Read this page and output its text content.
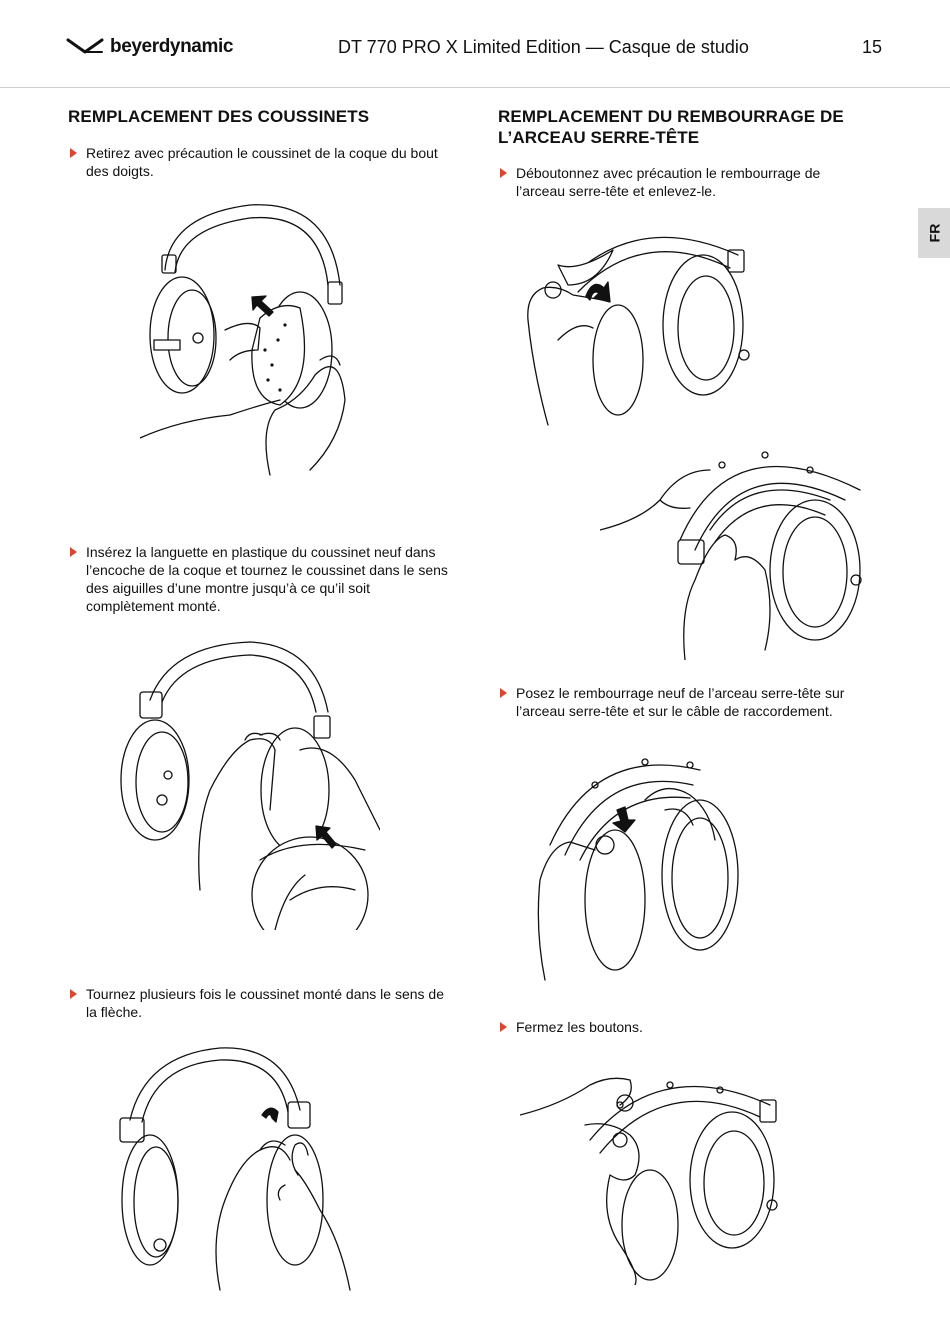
beyerdynamic	DT 770 PRO X Limited Edition — Casque de studio	15
FR
REMPLACEMENT DES COUSSINETS
Retirez avec précaution le coussinet de la coque du bout des doigts.
Insérez la languette en plastique du coussinet neuf dans l’encoche de la coque et tournez le coussinet dans le sens des aiguilles d’une montre jusqu’à ce qu’il soit complètement monté.
Tournez plusieurs fois le coussinet monté dans le sens de la flèche.
REMPLACEMENT DU REMBOURRAGE DE
L’ARCEAU SERRE-TÊTE
Déboutonnez avec précaution le rembourrage de l’arceau serre-tête et enlevez-le.
Posez le rembourrage neuf de l’arceau serre-tête sur l’arceau serre-tête et sur le câble de raccordement.
Fermez les boutons.
